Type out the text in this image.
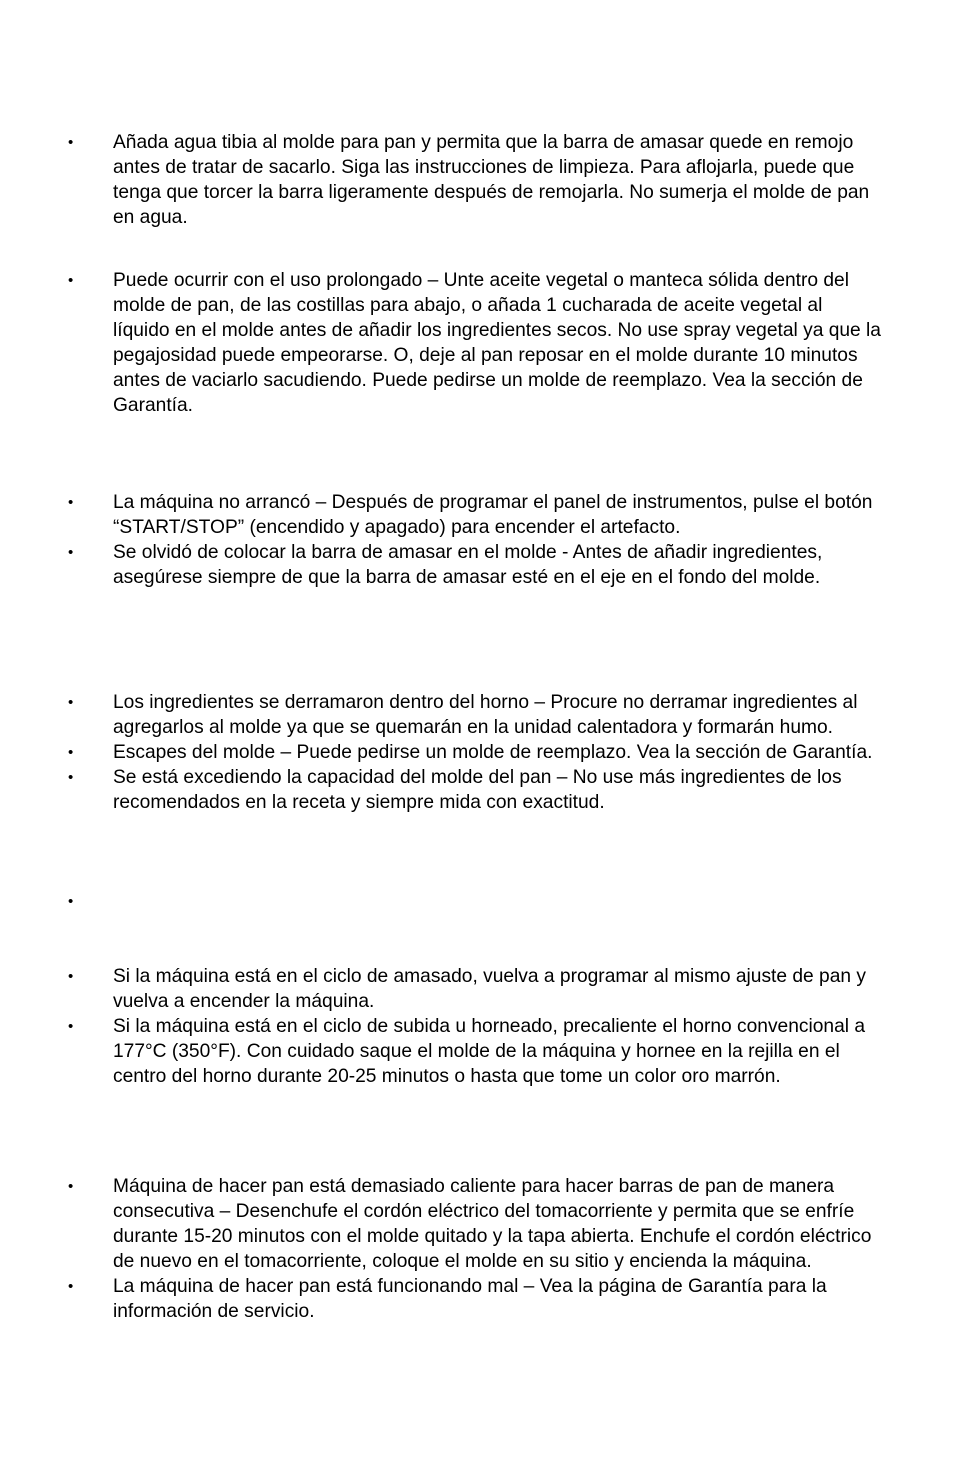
•	Añada agua tibia al molde para pan y permita que la barra de amasar quede en remojo antes de tratar de sacarlo. Siga las instrucciones de limpieza. Para aflojarla, puede que tenga que torcer la barra ligeramente después de remojarla. No sumerja el molde de pan en agua.
•	Puede ocurrir con el uso prolongado – Unte aceite vegetal o manteca sólida dentro del molde de pan, de las costillas para abajo, o añada 1 cucharada de aceite vegetal al líquido en el molde antes de añadir los ingredientes secos. No use spray vegetal ya que la pegajosidad puede empeorarse. O, deje al pan reposar en el molde durante 10 minutos antes de vaciarlo sacudiendo. Puede pedirse un molde de reemplazo. Vea la sección de Garantía.
•	La máquina no arrancó – Después de programar el panel de instrumentos, pulse el botón “START/STOP” (encendido y apagado) para encender el artefacto.
•	Se olvidó de colocar la barra de amasar en el molde - Antes de añadir ingredientes, asegúrese siempre de que la barra de amasar esté en el eje en el fondo del molde.
•	Los ingredientes se derramaron dentro del horno – Procure no derramar ingredientes al agregarlos al molde ya que se quemarán en la unidad calentadora y formarán humo.
•	Escapes del molde – Puede pedirse un molde de reemplazo. Vea la sección de Garantía.
•	Se está excediendo la capacidad del molde del pan – No use más ingredientes de los recomendados en la receta y siempre mida con exactitud.
•
•	Si la máquina está en el ciclo de amasado, vuelva a programar al mismo ajuste de pan y vuelva a encender la máquina.
•	Si la máquina está en el ciclo de subida u horneado, precaliente el horno convencional a 177°C (350°F). Con cuidado saque el molde de la máquina y hornee en la rejilla en el centro del horno durante 20-25 minutos o hasta que tome un color oro marrón.
•	Máquina de hacer pan está demasiado caliente para hacer barras de pan de manera consecutiva – Desenchufe el cordón eléctrico del tomacorriente y permita que se enfríe durante 15-20 minutos con el molde quitado y la tapa abierta. Enchufe el cordón eléctrico de nuevo en el tomacorriente, coloque el molde en su sitio y encienda la máquina.
•	La máquina de hacer pan está funcionando mal – Vea la página de Garantía para la información de servicio.
